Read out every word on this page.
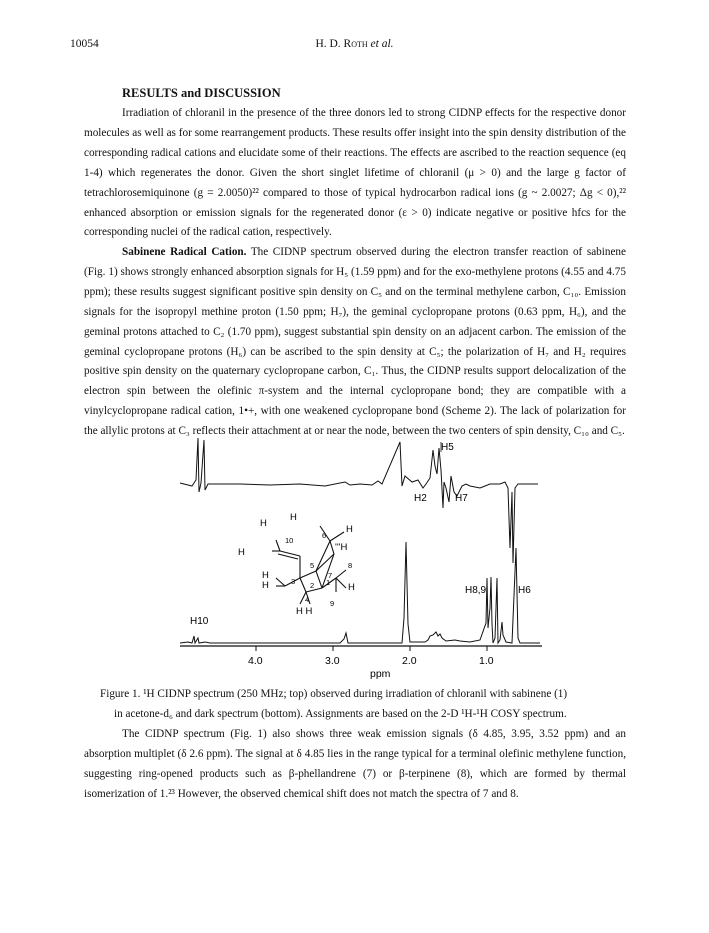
10054	H. D. Roth et al.
RESULTS and DISCUSSION

Irradiation of chloranil in the presence of the three donors led to strong CIDNP effects for the respective donor molecules as well as for some rearrangement products. These results offer insight into the spin density distribution of the corresponding radical cations and elucidate some of their reactions. The effects are ascribed to the reaction sequence (eq 1-4) which regenerates the donor. Given the short singlet lifetime of chloranil (μ > 0) and the large g factor of tetrachlorosemiquinone (g = 2.0050)²² compared to those of typical hydrocarbon radical ions (g ~ 2.0027; Δg < 0),²² enhanced absorption or emission signals for the regenerated donor (ε > 0) indicate negative or positive hfcs for the corresponding nuclei of the radical cation, respectively.

Sabinene Radical Cation. The CIDNP spectrum observed during the electron transfer reaction of sabinene (Fig. 1) shows strongly enhanced absorption signals for H₅ (1.59 ppm) and for the exo-methylene protons (4.55 and 4.75 ppm); these results suggest significant positive spin density on C₅ and on the terminal methylene carbon, C₁₀. Emission signals for the isopropyl methine proton (1.50 ppm; H₇), the geminal cyclopropane protons (0.63 ppm, H₆), and the geminal protons attached to C₂ (1.70 ppm), suggest substantial spin density on an adjacent carbon. The emission of the geminal cyclopropane protons (H₆) can be ascribed to the spin density at C₅; the polarization of H₇ and H₂ requires positive spin density on the quaternary cyclopropane carbon, C₁. Thus, the CIDNP results support delocalization of the electron spin between the olefinic π-system and the internal cyclopropane bond; they are compatible with a vinylcyclopropane radical cation, 1•+, with one weakened cyclopropane bond (Scheme 2). The lack of polarization for the allylic protons at C₃ reflects their attachment at or near the node, between the two centers of spin density, C₁₀ and C₅.

4.0	3.0	2.0	1.0
ppm
H5
H2	H7
H8,9	H6
H10
H
H
H
'''H
H
H
H	H
H H
10
6
5
3 2 1
7
8
4	9

Figure 1. ¹H CIDNP spectrum (250 MHz; top) observed during irradiation of chloranil with sabinene (1)
in acetone-d₆ and dark spectrum (bottom). Assignments are based on the 2-D ¹H-¹H COSY spectrum.

The CIDNP spectrum (Fig. 1) also shows three weak emission signals (δ 4.85, 3.95, 3.52 ppm) and an absorption multiplet (δ 2.6 ppm). The signal at δ 4.85 lies in the range typical for a terminal olefinic methylene function, suggesting ring-opened products such as β-phellandrene (7) or β-terpinene (8), which are formed by thermal isomerization of 1.²³ However, the observed chemical shift does not match the spectra of 7 and 8.
